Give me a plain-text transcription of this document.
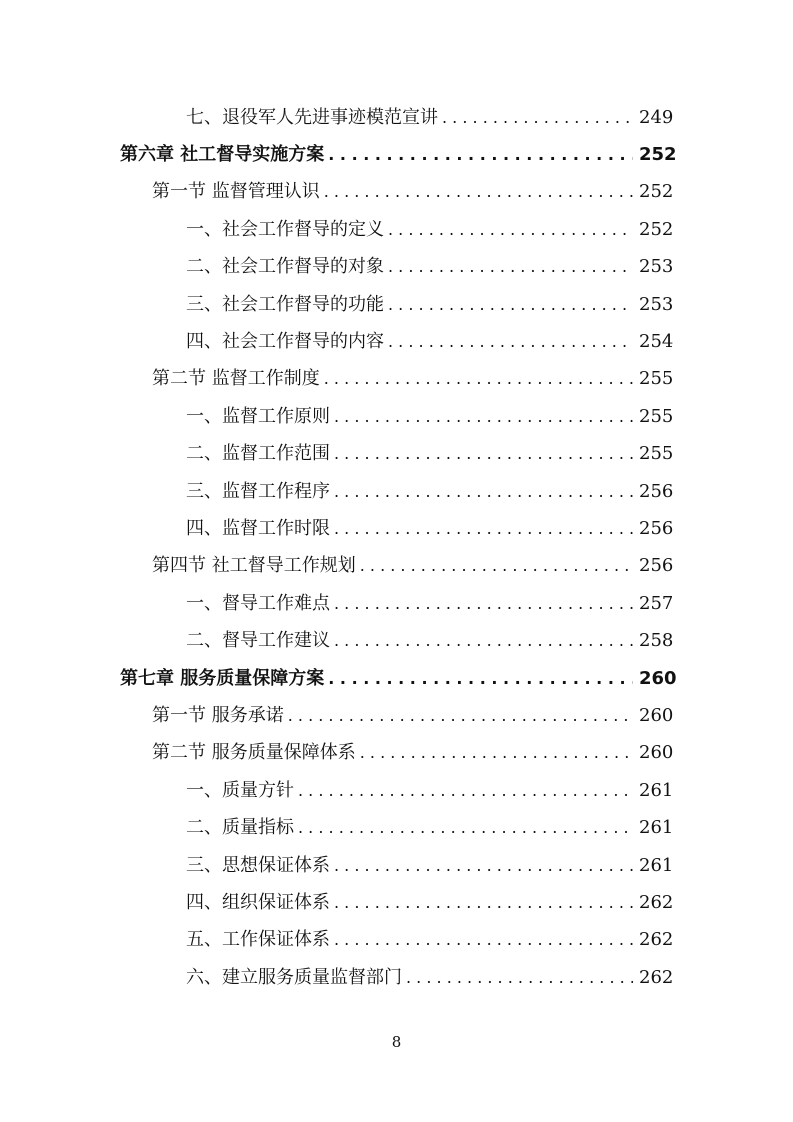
七、退役军人先进事迹模范宣讲 . . .	249
第六章 社工督导实施方案 . . .	252
第一节 监督管理认识 . . .	252
一、社会工作督导的定义 . . .	252
二、社会工作督导的对象 . . .	253
三、社会工作督导的功能 . . .	253
四、社会工作督导的内容 . . .	254
第二节 监督工作制度 . . .	255
一、监督工作原则 . . .	255
二、监督工作范围 . . .	255
三、监督工作程序 . . .	256
四、监督工作时限 . . .	256
第四节 社工督导工作规划 . . .	256
一、督导工作难点 . . .	257
二、督导工作建议 . . .	258
第七章 服务质量保障方案 . . .	260
第一节 服务承诺 . . .	260
第二节 服务质量保障体系 . . .	260
一、质量方针 . . .	261
二、质量指标 . . .	261
三、思想保证体系 . . .	261
四、组织保证体系 . . .	262
五、工作保证体系 . . .	262
六、建立服务质量监督部门 . . .	262
8
